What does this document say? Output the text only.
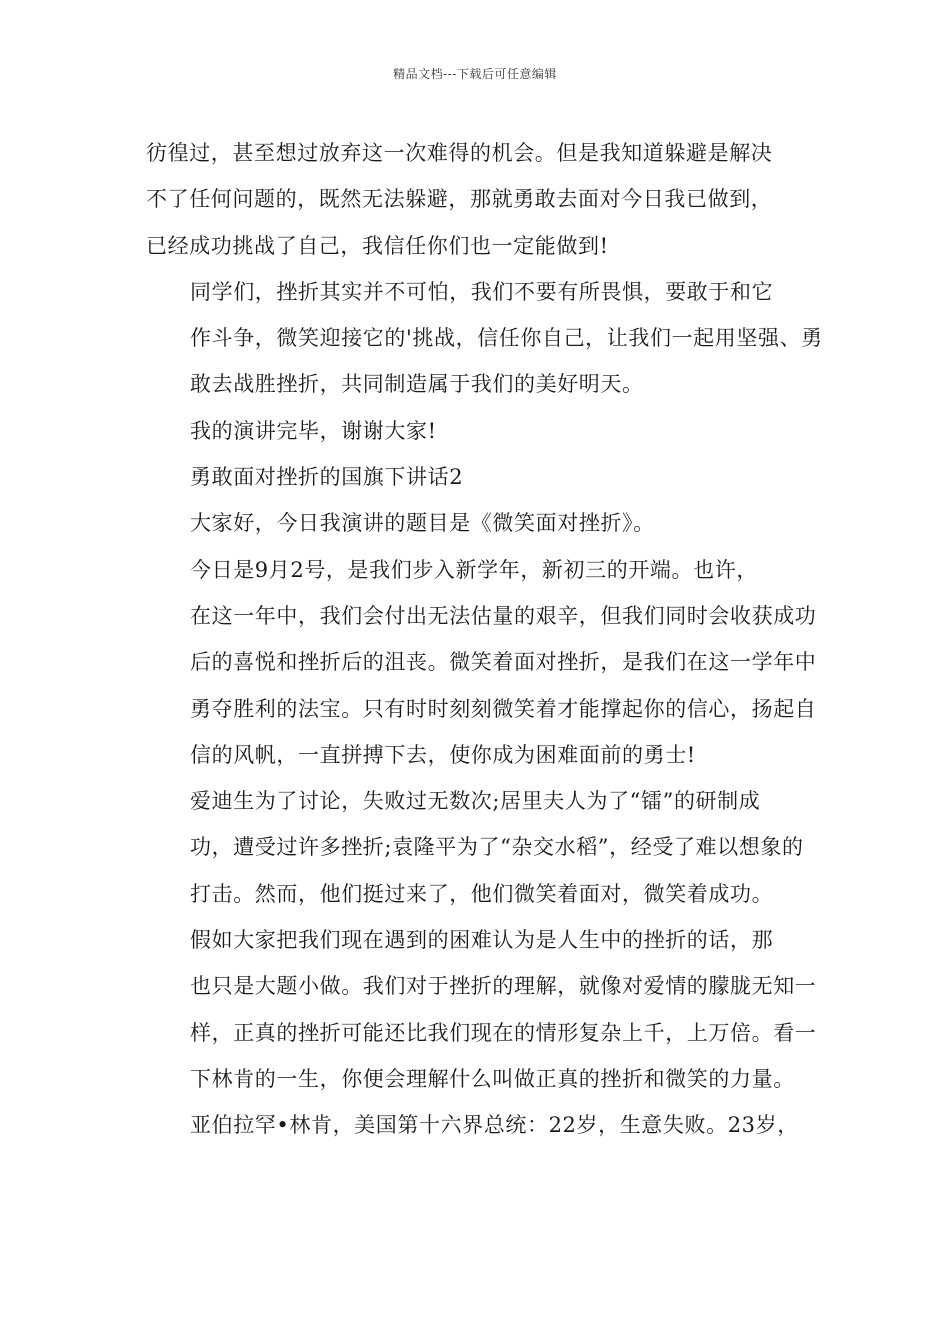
精品文档---下载后可任意编辑

彷徨过，甚至想过放弃这一次难得的机会。但是我知道躲避是解决
不了任何问题的，既然无法躲避，那就勇敢去面对今日我已做到，
已经成功挑战了自己，我信任你们也一定能做到!

同学们，挫折其实并不可怕，我们不要有所畏惧，要敢于和它
作斗争，微笑迎接它的'挑战，信任你自己，让我们一起用坚强、勇
敢去战胜挫折，共同制造属于我们的美好明天。

我的演讲完毕，谢谢大家!

勇敢面对挫折的国旗下讲话2

大家好，今日我演讲的题目是《微笑面对挫折》。

今日是9月2号，是我们步入新学年，新初三的开端。也许，
在这一年中，我们会付出无法估量的艰辛，但我们同时会收获成功
后的喜悦和挫折后的沮丧。微笑着面对挫折，是我们在这一学年中
勇夺胜利的法宝。只有时时刻刻微笑着才能撑起你的信心，扬起自
信的风帆，一直拼搏下去，使你成为困难面前的勇士!

爱迪生为了讨论，失败过无数次;居里夫人为了“镭”的研制成
功，遭受过许多挫折;袁隆平为了“杂交水稻”，经受了难以想象的
打击。然而，他们挺过来了，他们微笑着面对，微笑着成功。

假如大家把我们现在遇到的困难认为是人生中的挫折的话，那
也只是大题小做。我们对于挫折的理解，就像对爱情的朦胧无知一
样，正真的挫折可能还比我们现在的情形复杂上千，上万倍。看一
下林肯的一生，你便会理解什么叫做正真的挫折和微笑的力量。

亚伯拉罕•林肯，美国第十六界总统：22岁，生意失败。23岁，
